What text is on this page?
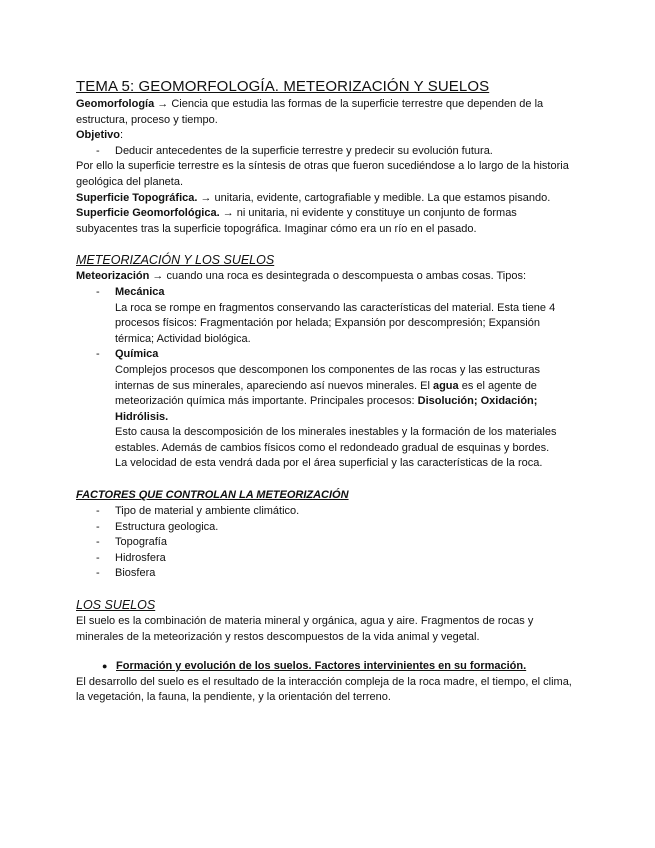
TEMA 5: GEOMORFOLOGÍA. METEORIZACIÓN Y SUELOS

Geomorfología → Ciencia que estudia las formas de la superficie terrestre que dependen de la estructura, proceso y tiempo.

Objetivo:

- Deducir antecedentes de la superficie terrestre y predecir su evolución futura.

Por ello la superficie terrestre es la síntesis de otras que fueron sucediéndose a lo largo de la historia geológica del planeta.

Superficie Topográfica. → unitaria, evidente, cartografiable y medible. La que estamos pisando.

Superficie Geomorfológica. → ni unitaria, ni evidente y constituye un conjunto de formas subyacentes tras la superficie topográfica. Imaginar cómo era un río en el pasado.

METEORIZACIÓN Y LOS SUELOS

Meteorización → cuando una roca es desintegrada o descompuesta o ambas cosas. Tipos:

- Mecánica
La roca se rompe en fragmentos conservando las características del material. Esta tiene 4 procesos físicos: Fragmentación por helada; Expansión por descompresión; Expansión térmica; Actividad biológica.
- Química
Complejos procesos que descomponen los componentes de las rocas y las estructuras internas de sus minerales, apareciendo así nuevos minerales. El agua es el agente de meteorización química más importante. Principales procesos: Disolución; Oxidación; Hidrólisis.
Esto causa la descomposición de los minerales inestables y la formación de los materiales estables. Además de cambios físicos como el redondeado gradual de esquinas y bordes.
La velocidad de esta vendrá dada por el área superficial y las características de la roca.
FACTORES QUE CONTROLAN LA METEORIZACIÓN
- Tipo de material y ambiente climático.
- Estructura geologica.
- Topografía
- Hidrosfera
- Biosfera
LOS SUELOS

El suelo es la combinación de materia mineral y orgánica, agua y aire. Fragmentos de rocas y minerales de la meteorización y restos descompuestos de la vida animal y vegetal.

● Formación y evolución de los suelos. Factores intervinientes en su formación.

El desarrollo del suelo es el resultado de la interacción compleja de la roca madre, el tiempo, el clima, la vegetación, la fauna, la pendiente, y la orientación del terreno.
